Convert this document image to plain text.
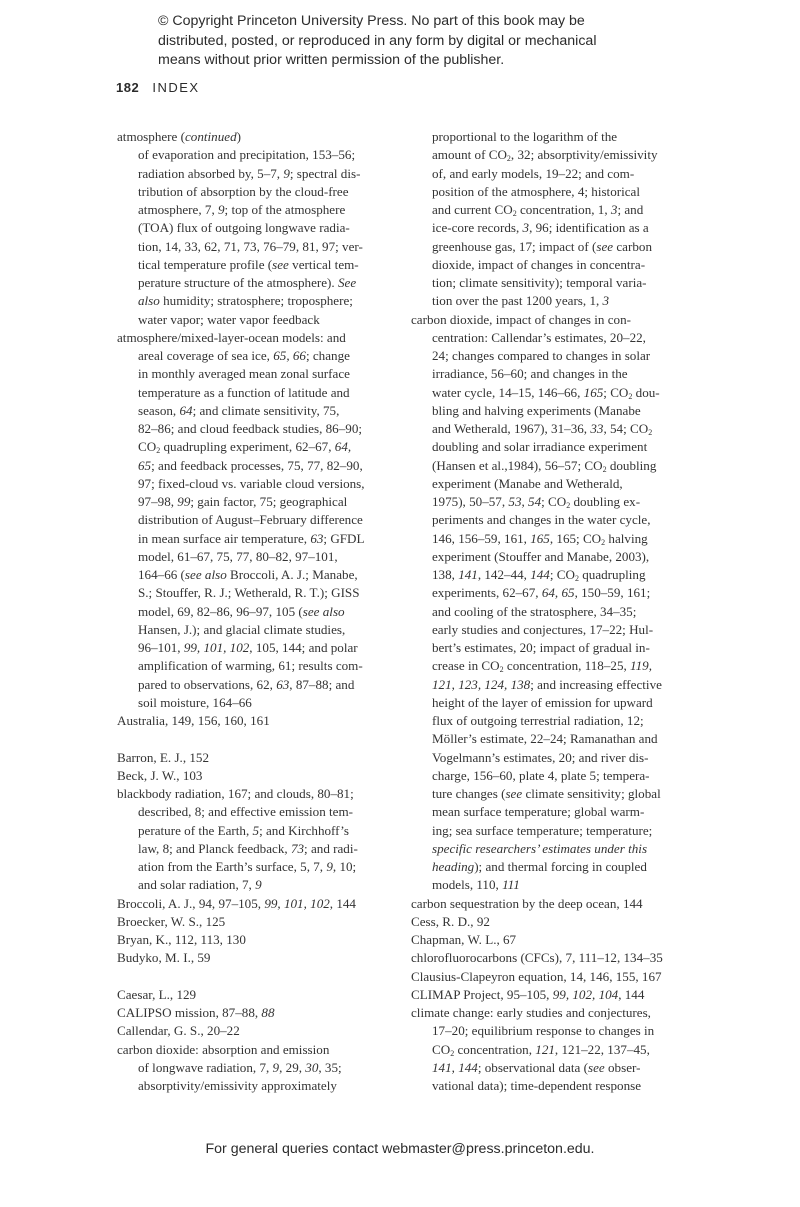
© Copyright Princeton University Press. No part of this book may be
distributed, posted, or reproduced in any form by digital or mechanical
means without prior written permission of the publisher.
182 INDEX
atmosphere (continued)
of evaporation and precipitation, 153–56;
radiation absorbed by, 5–7, 9; spectral dis-
tribution of absorption by the cloud-free
atmosphere, 7, 9; top of the atmosphere
(TOA) flux of outgoing longwave radia-
tion, 14, 33, 62, 71, 73, 76–79, 81, 97; ver-
tical temperature profile (see vertical tem-
perature structure of the atmosphere). See
also humidity; stratosphere; troposphere;
water vapor; water vapor feedback
atmosphere/mixed-layer-ocean models: and
areal coverage of sea ice, 65, 66; change
in monthly averaged mean zonal surface
temperature as a function of latitude and
season, 64; and climate sensitivity, 75,
82–86; and cloud feedback studies, 86–90;
$CO_2$ quadrupling experiment, 62–67, 64,
65; and feedback processes, 75, 77, 82–90,
97; fixed-cloud vs. variable cloud versions,
97–98, 99; gain factor, 75; geographical
distribution of August–February difference
in mean surface air temperature, 63; GFDL
model, 61–67, 75, 77, 80–82, 97–101,
164–66 (see also Broccoli, A. J.; Manabe,
S.; Stouffer, R. J.; Wetherald, R. T.); GISS
model, 69, 82–86, 96–97, 105 (see also
Hansen, J.); and glacial climate studies,
96–101, 99, 101, 102, 105, 144; and polar
amplification of warming, 61; results com-
pared to observations, 62, 63, 87–88; and
soil moisture, 164–66
Australia, 149, 156, 160, 161
Barron, E. J., 152
Beck, J. W., 103
blackbody radiation, 167; and clouds, 80–81;
described, 8; and effective emission tem-
perature of the Earth, 5; and Kirchhoff’s
law, 8; and Planck feedback, 73; and radi-
ation from the Earth’s surface, 5, 7, 9, 10;
and solar radiation, 7, 9
Broccoli, A. J., 94, 97–105, 99, 101, 102, 144
Broecker, W. S., 125
Bryan, K., 112, 113, 130
Budyko, M. I., 59
Caesar, L., 129
CALIPSO mission, 87–88, 88
Callendar, G. S., 20–22
carbon dioxide: absorption and emission
of longwave radiation, 7, 9, 29, 30, 35;
absorptivity/emissivity approximately
proportional to the logarithm of the
amount of $CO_2$, 32; absorptivity/emissivity
of, and early models, 19–22; and com-
position of the atmosphere, 4; historical
and current $CO_2$ concentration, 1, 3; and
ice-core records, 3, 96; identification as a
greenhouse gas, 17; impact of (see carbon
dioxide, impact of changes in concentra-
tion; climate sensitivity); temporal varia-
tion over the past 1200 years, 1, 3
carbon dioxide, impact of changes in con-
centration: Callendar’s estimates, 20–22,
24; changes compared to changes in solar
irradiance, 56–60; and changes in the
water cycle, 14–15, 146–66, 165; $CO_2$ dou-
bling and halving experiments (Manabe
and Wetherald, 1967), 31–36, 33, 54; $CO_2$
doubling and solar irradiance experiment
(Hansen et al.,1984), 56–57; $CO_2$ doubling
experiment (Manabe and Wetherald,
1975), 50–57, 53, 54; $CO_2$ doubling ex-
periments and changes in the water cycle,
146, 156–59, 161, 165, 165; $CO_2$ halving
experiment (Stouffer and Manabe, 2003),
138, 141, 142–44, 144; $CO_2$ quadrupling
experiments, 62–67, 64, 65, 150–59, 161;
and cooling of the stratosphere, 34–35;
early studies and conjectures, 17–22; Hul-
bert’s estimates, 20; impact of gradual in-
crease in $CO_2$ concentration, 118–25, 119,
121, 123, 124, 138; and increasing effective
height of the layer of emission for upward
flux of outgoing terrestrial radiation, 12;
Möller’s estimate, 22–24; Ramanathan and
Vogelmann’s estimates, 20; and river dis-
charge, 156–60, plate 4, plate 5; tempera-
ture changes (see climate sensitivity; global
mean surface temperature; global warm-
ing; sea surface temperature; temperature;
specific researchers’ estimates under this
heading); and thermal forcing in coupled
models, 110, 111
carbon sequestration by the deep ocean, 144
Cess, R. D., 92
Chapman, W. L., 67
chlorofluorocarbons (CFCs), 7, 111–12, 134–35
Clausius-Clapeyron equation, 14, 146, 155, 167
CLIMAP Project, 95–105, 99, 102, 104, 144
climate change: early studies and conjectures,
17–20; equilibrium response to changes in
$CO_2$ concentration, 121, 121–22, 137–45,
141, 144; observational data (see obser-
vational data); time-dependent response
For general queries contact webmaster@press.princeton.edu.
